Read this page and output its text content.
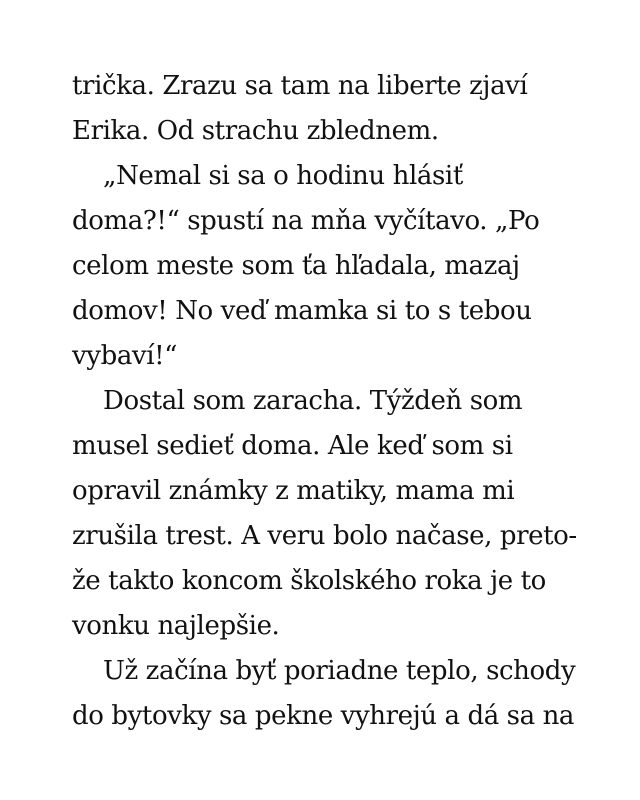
trička. Zrazu sa tam na liberte zjaví
Erika. Od strachu zblednem.
„Nemal si sa o hodinu hlásiť
doma?!“ spustí na mňa vyčítavo. „Po
celom meste som ťa hľadala, mazaj
domov! No veď mamka si to s tebou
vybaví!“
Dostal som zaracha. Týždeň som
musel sedieť doma. Ale keď som si
opravil známky z matiky, mama mi
zrušila trest. A veru bolo načase, preto-
že takto koncom školského roka je to
vonku najlepšie.
Už začína byť poriadne teplo, schody
do bytovky sa pekne vyhrejú a dá sa na
